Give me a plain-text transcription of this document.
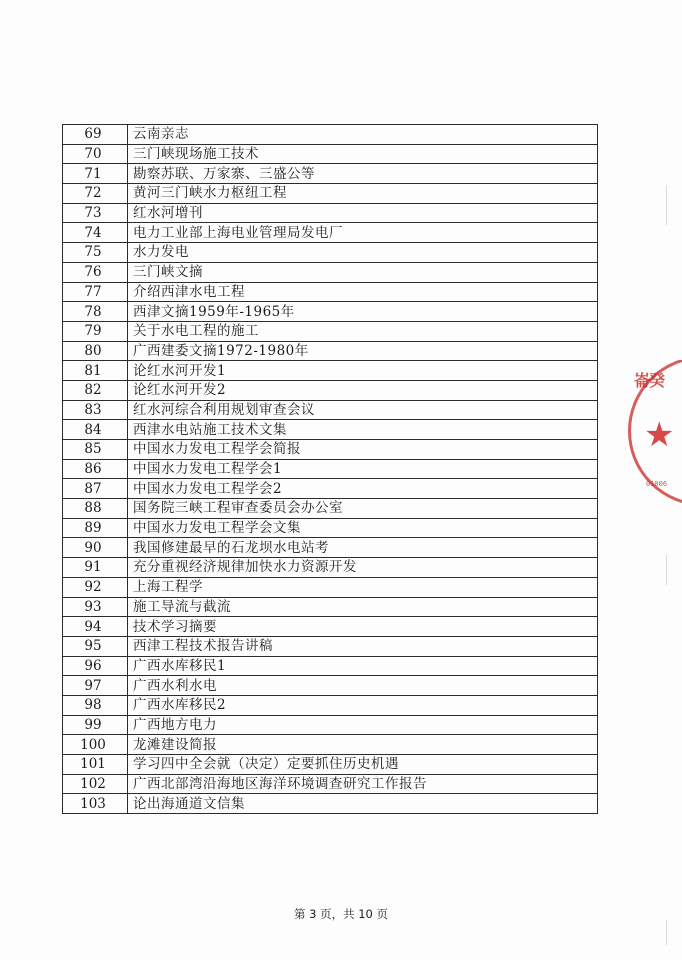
69	云南亲志
70	三门峡现场施工技术
71	勘察苏联、万家寨、三盛公等
72	黄河三门峡水力枢纽工程
73	红水河增刊
74	电力工业部上海电业管理局发电厂
75	水力发电
76	三门峡文摘
77	介绍西津水电工程
78	西津文摘1959年-1965年
79	关于水电工程的施工
80	广西建委文摘1972-1980年
81	论红水河开发1
82	论红水河开发2
83	红水河综合利用规划审查会议
84	西津水电站施工技术文集
85	中国水力发电工程学会简报
86	中国水力发电工程学会1
87	中国水力发电工程学会2
88	国务院三峡工程审查委员会办公室
89	中国水力发电工程学会文集
90	我国修建最早的石龙坝水电站考
91	充分重视经济规律加快水力资源开发
92	上海工程学
93	施工导流与截流
94	技术学习摘要
95	西津工程技术报告讲稿
96	广西水库移民1
97	广西水利水电
98	广西水库移民2
99	广西地方电力
100	龙滩建设简报
101	学习四中全会就（决定）定要抓住历史机遇
102	广西北部湾沿海地区海洋环境调查研究工作报告
103	论出海通道文信集
崙癸
★
01006
第 3 页，共 10 页
